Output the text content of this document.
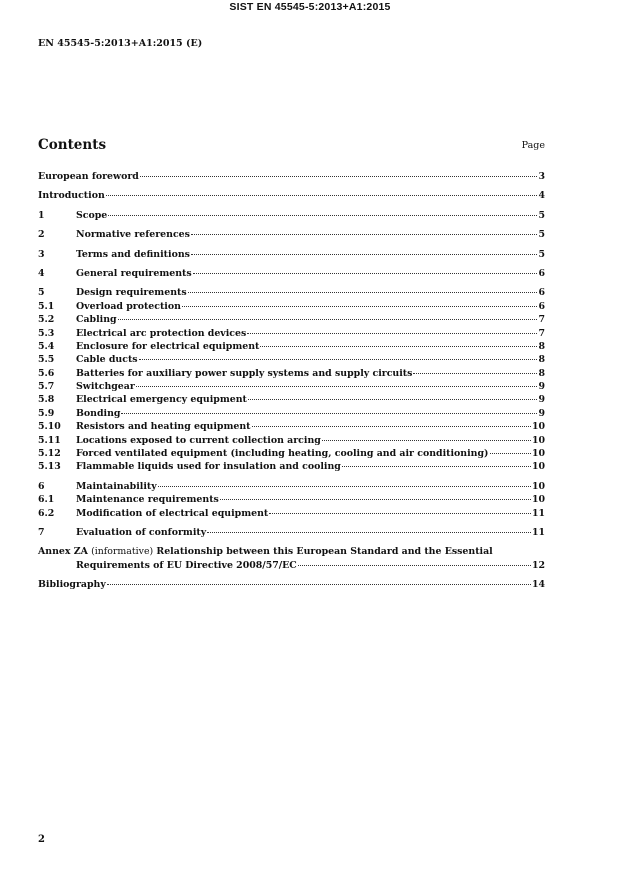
SIST EN 45545-5:2013+A1:2015
EN 45545-5:2013+A1:2015 (E)
Contents	Page
European foreword	3
Introduction	4
1	Scope	5
2	Normative references	5
3	Terms and definitions	5
4	General requirements	6
5	Design requirements	6
5.1	Overload protection	6
5.2	Cabling	7
5.3	Electrical arc protection devices	7
5.4	Enclosure for electrical equipment	8
5.5	Cable ducts	8
5.6	Batteries for auxiliary power supply systems and supply circuits	8
5.7	Switchgear	9
5.8	Electrical emergency equipment	9
5.9	Bonding	9
5.10	Resistors and heating equipment	10
5.11	Locations exposed to current collection arcing	10
5.12	Forced ventilated equipment (including heating, cooling and air conditioning)	10
5.13	Flammable liquids used for insulation and cooling	10
6	Maintainability	10
6.1	Maintenance requirements	10
6.2	Modification of electrical equipment	11
7	Evaluation of conformity	11
Annex ZA (informative) Relationship between this European Standard and the Essential
Requirements of EU Directive 2008/57/EC	12
Bibliography	14
2
